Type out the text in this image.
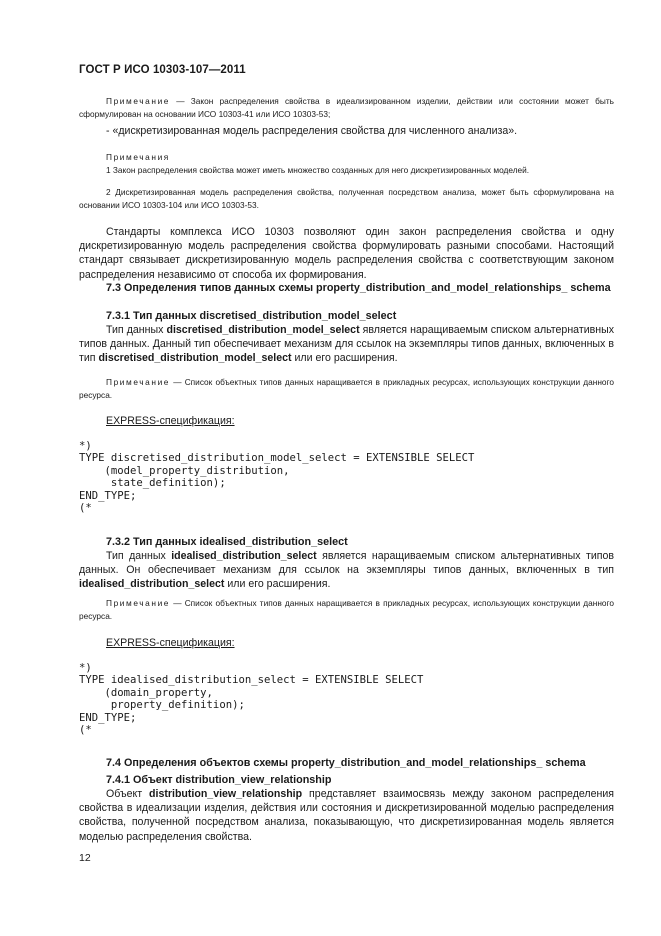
ГОСТ Р ИСО 10303-107—2011

Примечание — Закон распределения свойства в идеализированном изделии, действии или состоянии может быть сформулирован на основании ИСО 10303-41 или ИСО 10303-53;

- «дискретизированная модель распределения свойства для численного анализа».

Примечания

1 Закон распределения свойства может иметь множество созданных для него дискретизированных моделей.

2 Дискретизированная модель распределения свойства, полученная посредством анализа, может быть сформулирована на основании ИСО 10303-104 или ИСО 10303-53.

Стандарты комплекса ИСО 10303 позволяют один закон распределения свойства и одну дискретизированную модель распределения свойства формулировать разными способами. Настоящий стандарт связывает дискретизированную модель распределения свойства с соответствующим законом распределения независимо от способа их формирования.

7.3 Определения типов данных схемы property_distribution_and_model_relationships_ schema

7.3.1 Тип данных discretised_distribution_model_select

Тип данных discretised_distribution_model_select является наращиваемым списком альтернативных типов данных. Данный тип обеспечивает механизм для ссылок на экземпляры типов данных, включенных в тип discretised_distribution_model_select или его расширения.

Примечание — Список объектных типов данных наращивается в прикладных ресурсах, использующих конструкции данного ресурса.

EXPRESS-спецификация:

*)
TYPE discretised_distribution_model_select = EXTENSIBLE SELECT
(model_property_distribution,
state_definition);
END_TYPE;
(*

7.3.2 Тип данных idealised_distribution_select

Тип данных idealised_distribution_select является наращиваемым списком альтернативных типов данных. Он обеспечивает механизм для ссылок на экземпляры типов данных, включенных в тип idealised_distribution_select или его расширения.

Примечание — Список объектных типов данных наращивается в прикладных ресурсах, использующих конструкции данного ресурса.

EXPRESS-спецификация:

*)
TYPE idealised_distribution_select = EXTENSIBLE SELECT
(domain_property,
property_definition);
END_TYPE;
(*

7.4 Определения объектов схемы property_distribution_and_model_relationships_ schema

7.4.1 Объект distribution_view_relationship

Объект distribution_view_relationship представляет взаимосвязь между законом распределения свойства в идеализации изделия, действия или состояния и дискретизированной моделью распределения свойства, полученной посредством анализа, показывающую, что дискретизированная модель является моделью распределения свойства.

12
